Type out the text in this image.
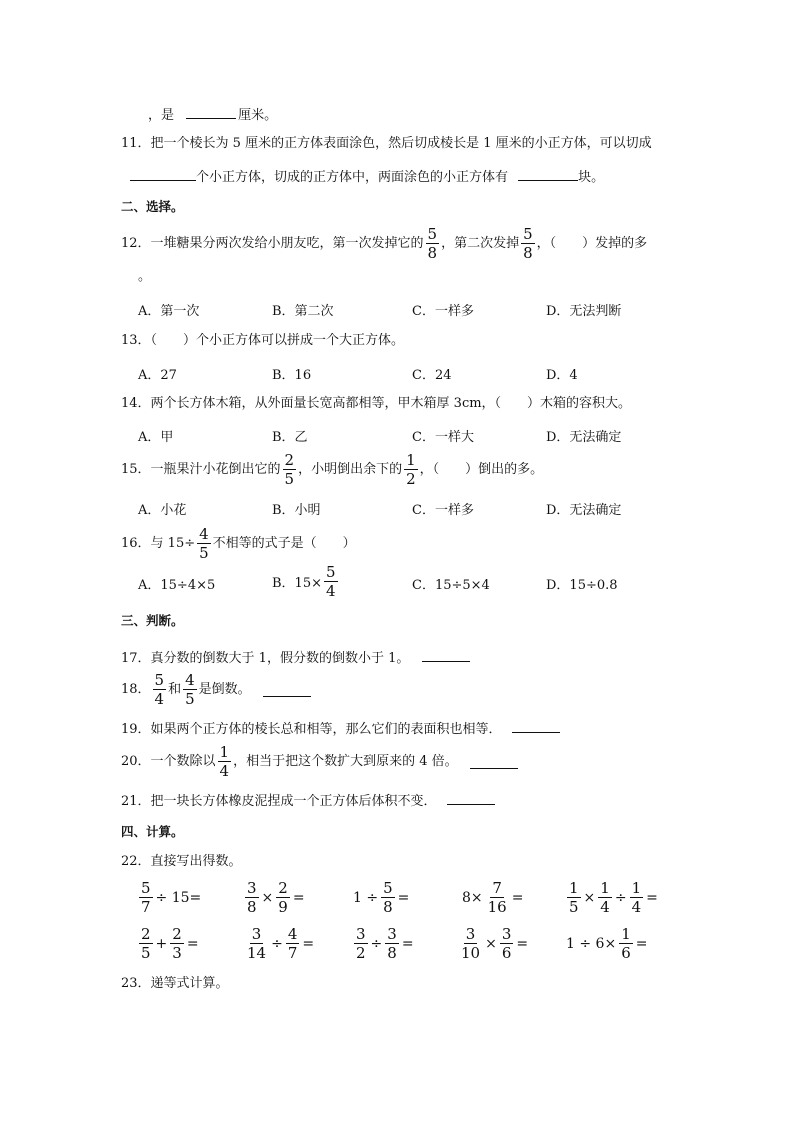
，是	厘米。
11．把一个棱长为 5 厘米的正方体表面涂色，然后切成棱长是 1 厘米的小正方体，可以切成
个小正方体，切成的正方体中，两面涂色的小正方体有	块。
二、选择。
12．一堆糖果分两次发给小朋友吃，第一次发掉它的 $\frac{5}{8}$ ，第二次发掉 $\frac{5}{8}$ ，（　　）发掉的多
。
A．第一次	B．第二次	C．一样多	D．无法判断
13．（　　）个小正方体可以拼成一个大正方体。
A．27	B．16	C．24	D．4
14．两个长方体木箱，从外面量长宽高都相等，甲木箱厚 3cm，（　　）木箱的容积大。
A．甲	B．乙	C．一样大	D．无法确定
15．一瓶果汁小花倒出它的 $\frac{2}{5}$ ，小明倒出余下的 $\frac{1}{2}$ ，（　　）倒出的多。
A．小花	B．小明	C．一样多	D．无法确定
16．与 $15\div \frac{4}{5}$ 不相等的式子是（　　）
A．15÷4×5	B．$15\times \frac{5}{4}$	C．15÷5×4	D．15÷0.8
三、判断。
17．真分数的倒数大于 1，假分数的倒数小于 1。
18． $\frac{5}{4}$ 和 $\frac{4}{5}$ 是倒数。
19．如果两个正方体的棱长总和相等，那么它们的表面积也相等．
20．一个数除以 $\frac{1}{4}$ ，相当于把这个数扩大到原来的 4 倍。
21．把一块长方体橡皮泥捏成一个正方体后体积不变．
四、计算。
22．直接写出得数。
$\frac{5}{7} \div 15=$	$\frac{3}{8} \times \frac{2}{9}$ =	$1 \div \frac{5}{8}$ =	$8\times \frac{7}{16}$ =	$\frac{1}{5} \times \frac{1}{4} \div \frac{1}{4}$ =
$\frac{2}{5} + \frac{2}{3}$ =	$\frac{3}{14} \div \frac{4}{7}$ =	$\frac{3}{2} \div \frac{3}{8}$ =	$\frac{3}{10} \times \frac{3}{6}$ =	$1 \div 6\times \frac{1}{6}$ =
23．递等式计算。
